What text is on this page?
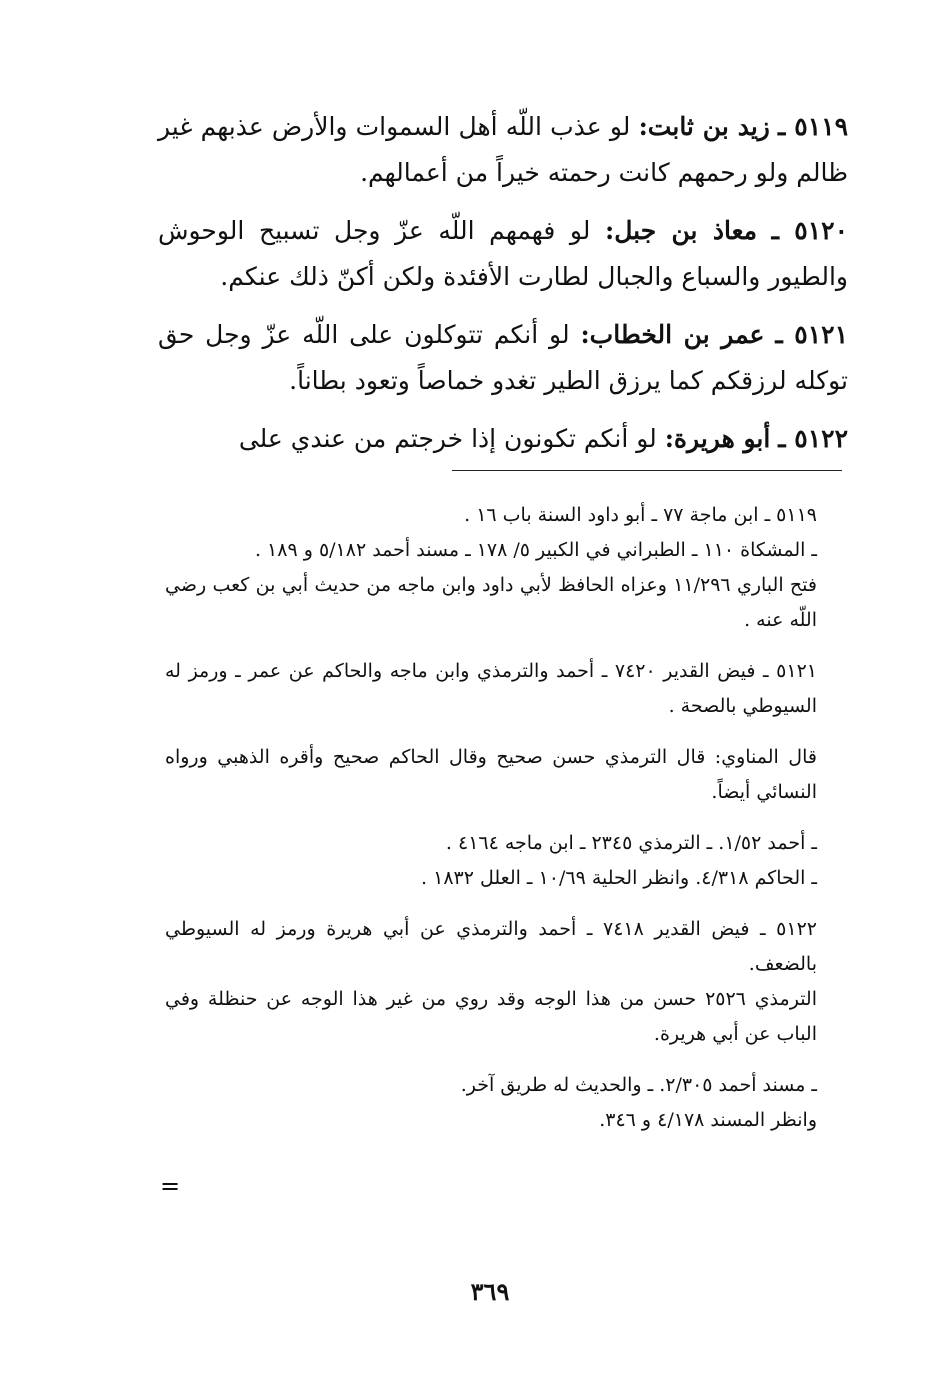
٥١١٩ ـ زيد بن ثابت: لو عذب اللّه أهل السموات والأرض عذبهم غير ظالم ولو رحمهم كانت رحمته خيراً من أعمالهم.

٥١٢٠ ـ معاذ بن جبل: لو فهمهم اللّه عزّ وجل تسبيح الوحوش والطيور والسباع والجبال لطارت الأفئدة ولكن أكنّ ذلك عنكم.

٥١٢١ ـ عمر بن الخطاب: لو أنكم تتوكلون على اللّه عزّ وجل حق توكله لرزقكم كما يرزق الطير تغدو خماصاً وتعود بطاناً.

٥١٢٢ ـ أبو هريرة: لو أنكم تكونون إذا خرجتم من عندي على

٥١١٩ ـ ابن ماجة ٧٧ ـ أبو داود السنة باب ١٦ .

ـ المشكاة ١١٠ ـ الطبراني في الكبير ٥/ ١٧٨ ـ مسند أحمد ٥/١٨٢ و ١٨٩ .

فتح الباري ١١/٢٩٦ وعزاه الحافظ لأبي داود وابن ماجه من حديث أبي بن كعب رضي اللّه عنه .

٥١٢١ ـ فيض القدير ٧٤٢٠ ـ أحمد والترمذي وابن ماجه والحاكم عن عمر ـ ورمز له السيوطي بالصحة .

قال المناوي: قال الترمذي حسن صحيح وقال الحاكم صحيح وأقره الذهبي ورواه النسائي أيضاً.

ـ أحمد ١/٥٢. ـ الترمذي ٢٣٤٥ ـ ابن ماجه ٤١٦٤ .

ـ الحاكم ٤/٣١٨. وانظر الحلية ١٠/٦٩ ـ العلل ١٨٣٢ .

٥١٢٢ ـ فيض القدير ٧٤١٨ ـ أحمد والترمذي عن أبي هريرة ورمز له السيوطي بالضعف.

الترمذي ٢٥٢٦ حسن من هذا الوجه وقد روي من غير هذا الوجه عن حنظلة وفي الباب عن أبي هريرة.

ـ مسند أحمد ٢/٣٠٥. ـ والحديث له طريق آخر.

وانظر المسند ٤/١٧٨ و ٣٤٦.

=
٣٦٩
